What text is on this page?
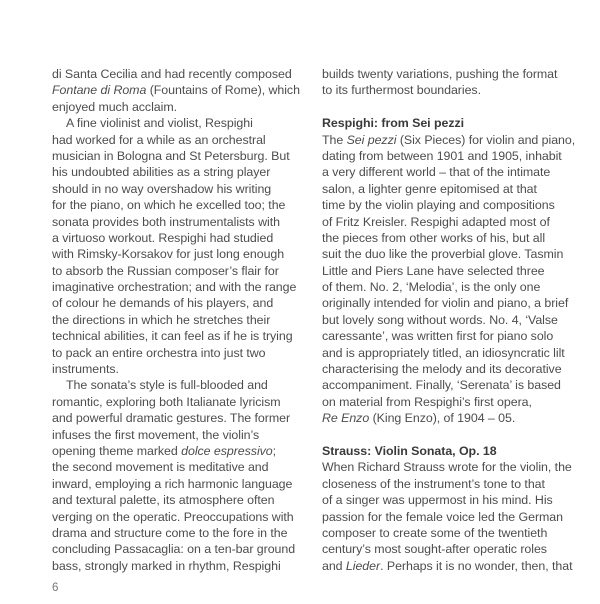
di Santa Cecilia and had recently composed
Fontane di Roma (Fountains of Rome), which
enjoyed much acclaim.
A fine violinist and violist, Respighi
had worked for a while as an orchestral
musician in Bologna and St Petersburg. But
his undoubted abilities as a string player
should in no way overshadow his writing
for the piano, on which he excelled too; the
sonata provides both instrumentalists with
a virtuoso workout. Respighi had studied
with Rimsky-Korsakov for just long enough
to absorb the Russian composer’s flair for
imaginative orchestration; and with the range
of colour he demands of his players, and
the directions in which he stretches their
technical abilities, it can feel as if he is trying
to pack an entire orchestra into just two
instruments.
The sonata’s style is full-blooded and
romantic, exploring both Italianate lyricism
and powerful dramatic gestures. The former
infuses the first movement, the violin’s
opening theme marked dolce espressivo;
the second movement is meditative and
inward, employing a rich harmonic language
and textural palette, its atmosphere often
verging on the operatic. Preoccupations with
drama and structure come to the fore in the
concluding Passacaglia: on a ten-bar ground
bass, strongly marked in rhythm, Respighi
builds twenty variations, pushing the format
to its furthermost boundaries.
Respighi: from Sei pezzi
The Sei pezzi (Six Pieces) for violin and piano,
dating from between 1901 and 1905, inhabit
a very different world – that of the intimate
salon, a lighter genre epitomised at that
time by the violin playing and compositions
of Fritz Kreisler. Respighi adapted most of
the pieces from other works of his, but all
suit the duo like the proverbial glove. Tasmin
Little and Piers Lane have selected three
of them. No. 2, ‘Melodia’, is the only one
originally intended for violin and piano, a brief
but lovely song without words. No. 4, ‘Valse
caressante’, was written first for piano solo
and is appropriately titled, an idiosyncratic lilt
characterising the melody and its decorative
accompaniment. Finally, ‘Serenata’ is based
on material from Respighi’s first opera,
Re Enzo (King Enzo), of 1904 – 05.
Strauss: Violin Sonata, Op. 18
When Richard Strauss wrote for the violin, the
closeness of the instrument’s tone to that
of a singer was uppermost in his mind. His
passion for the female voice led the German
composer to create some of the twentieth
century’s most sought-after operatic roles
and Lieder. Perhaps it is no wonder, then, that
6
